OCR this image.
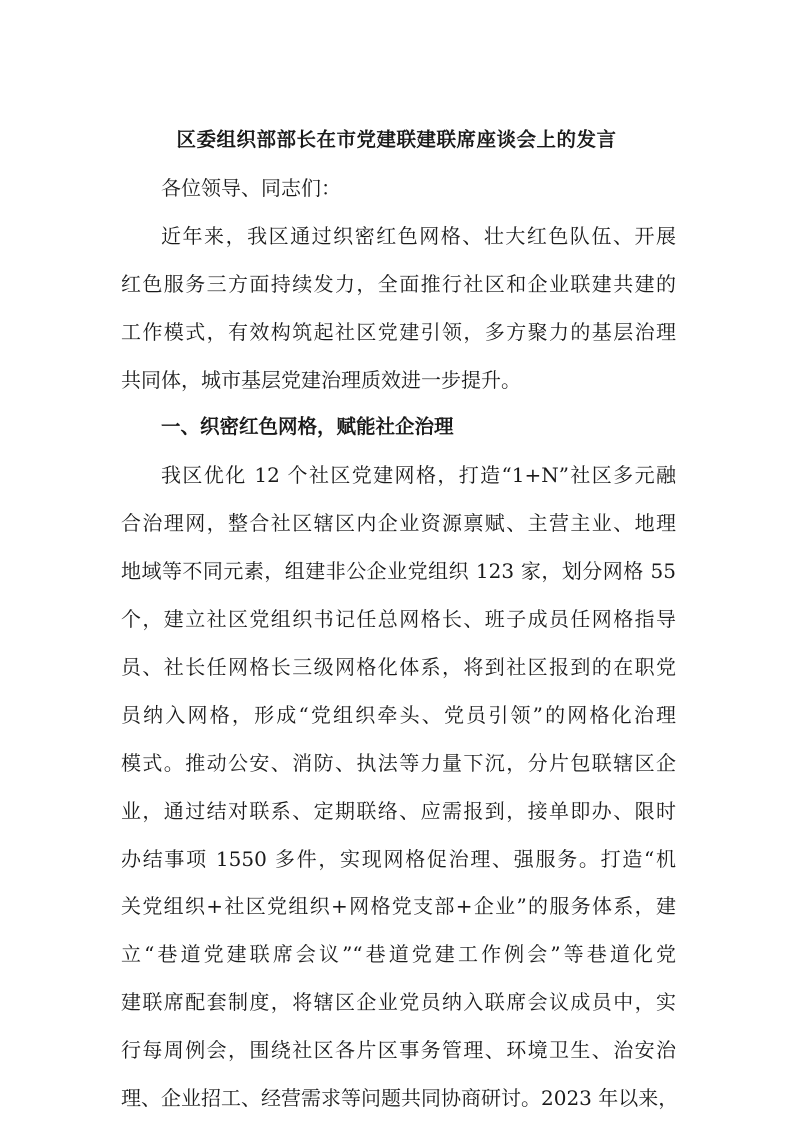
区委组织部部长在市党建联建联席座谈会上的发言
各位领导、同志们：
近年来，我区通过织密红色网格、壮大红色队伍、开展
红色服务三方面持续发力，全面推行社区和企业联建共建的
工作模式，有效构筑起社区党建引领，多方聚力的基层治理
共同体，城市基层党建治理质效进一步提升。
一、织密红色网格，赋能社企治理
我区优化 12 个社区党建网格，打造“1+N”社区多元融
合治理网，整合社区辖区内企业资源禀赋、主营主业、地理
地域等不同元素，组建非公企业党组织 123 家，划分网格 55
个，建立社区党组织书记任总网格长、班子成员任网格指导
员、社长任网格长三级网格化体系，将到社区报到的在职党
员纳入网格，形成“党组织牵头、党员引领”的网格化治理
模式。推动公安、消防、执法等力量下沉，分片包联辖区企
业，通过结对联系、定期联络、应需报到，接单即办、限时
办结事项 1550 多件，实现网格促治理、强服务。打造“机
关党组织+社区党组织+网格党支部+企业”的服务体系，建
立“巷道党建联席会议”“巷道党建工作例会”等巷道化党
建联席配套制度，将辖区企业党员纳入联席会议成员中，实
行每周例会，围绕社区各片区事务管理、环境卫生、治安治
理、企业招工、经营需求等问题共同协商研讨。2023 年以来，
